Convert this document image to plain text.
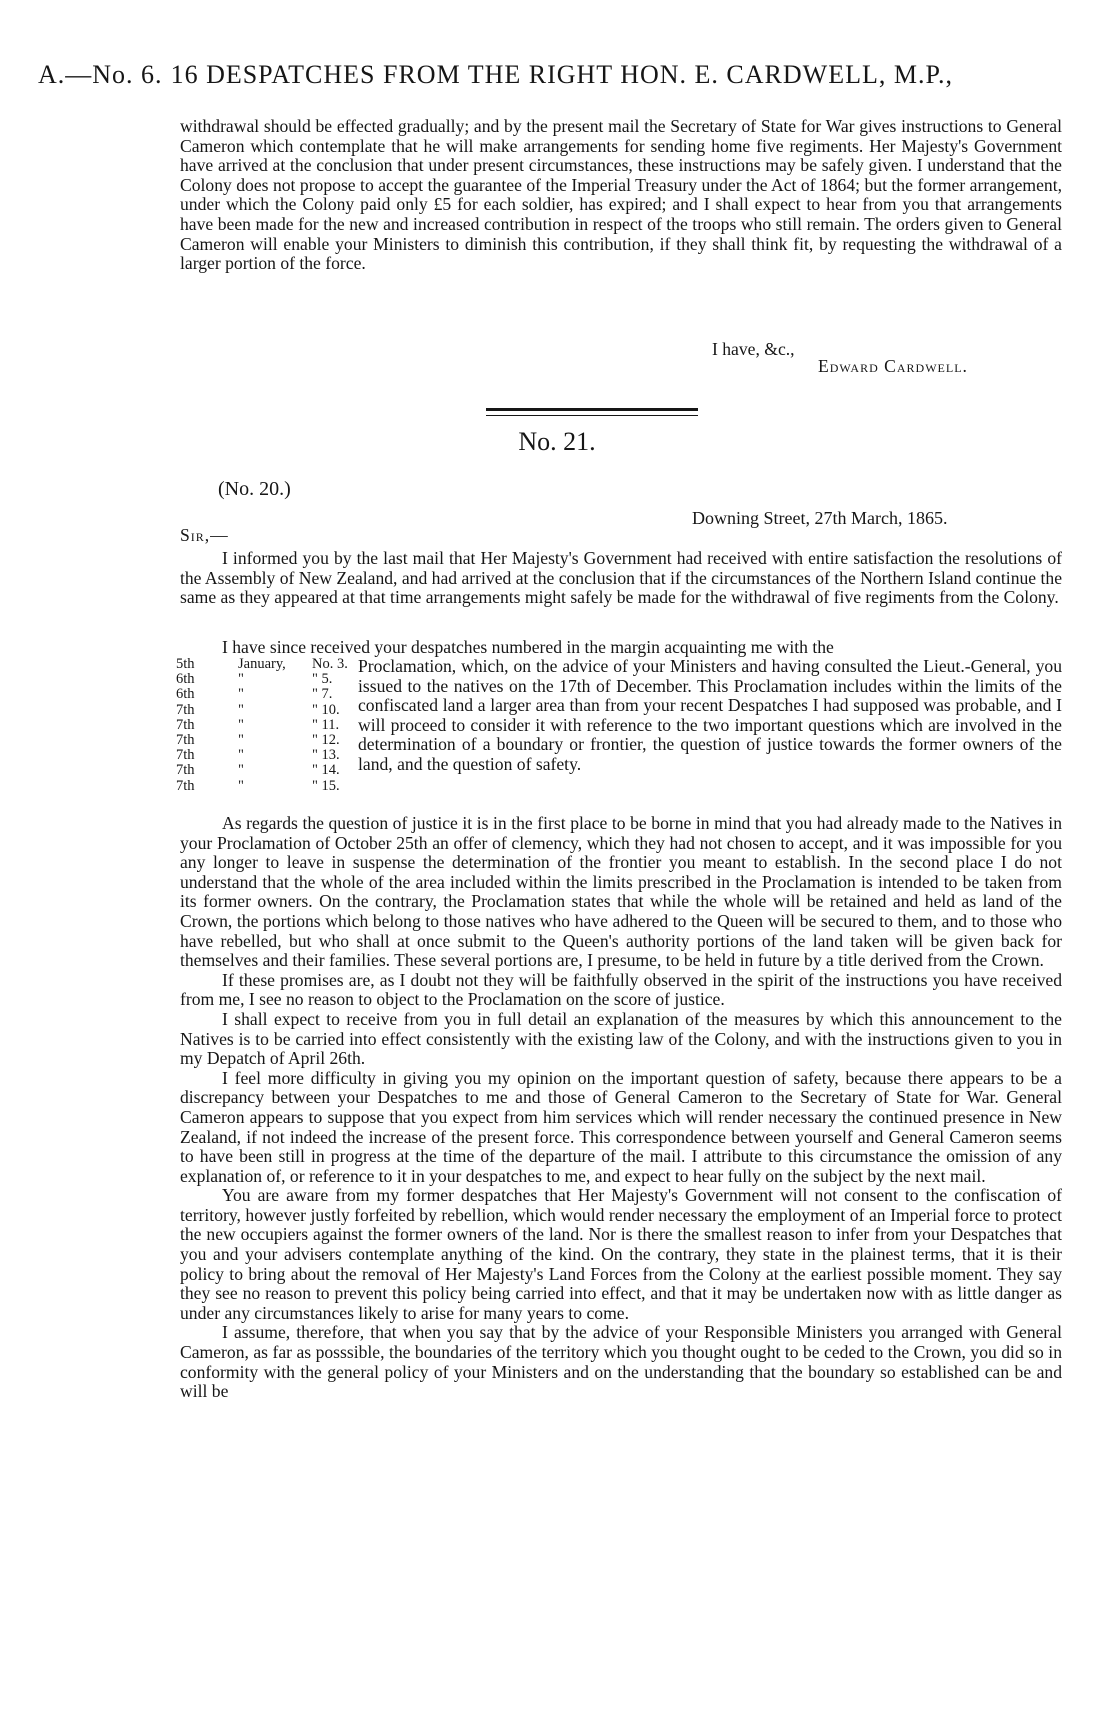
A.—No. 6. 16 DESPATCHES FROM THE RIGHT HON. E. CARDWELL, M.P.,

withdrawal should be effected gradually; and by the present mail the Secretary of State for War gives instructions to General Cameron which contemplate that he will make arrangements for sending home five regiments. Her Majesty's Government have arrived at the conclusion that under present circumstances, these instructions may be safely given. I understand that the Colony does not propose to accept the guarantee of the Imperial Treasury under the Act of 1864; but the former arrangement, under which the Colony paid only £5 for each soldier, has expired; and I shall expect to hear from you that arrangements have been made for the new and increased contribution in respect of the troops who still remain. The orders given to General Cameron will enable your Ministers to diminish this contribution, if they shall think fit, by requesting the withdrawal of a larger portion of the force.

I have, &c.,
Edward Cardwell.
No. 21.
(No. 20.)
Downing Street, 27th March, 1865.
Sir,—

I informed you by the last mail that Her Majesty's Government had received with entire satisfaction the resolutions of the Assembly of New Zealand, and had arrived at the conclusion that if the circumstances of the Northern Island continue the same as they appeared at that time arrangements might safely be made for the withdrawal of five regiments from the Colony.

I have since received your despatches numbered in the margin acquainting me with the

5th	January,	No. 3.
6th	"	" 5.
6th	"	" 7.
7th	"	" 10.
7th	"	" 11.
7th	"	" 12.
7th	"	" 13.
7th	"	" 14.
7th	"	" 15.

Proclamation, which, on the advice of your Ministers and having consulted the Lieut.-General, you issued to the natives on the 17th of December. This Proclamation includes within the limits of the confiscated land a larger area than from your recent Despatches I had supposed was probable, and I will proceed to consider it with reference to the two important questions which are involved in the determination of a boundary or frontier, the question of justice towards the former owners of the land, and the question of safety.

As regards the question of justice it is in the first place to be borne in mind that you had already made to the Natives in your Proclamation of October 25th an offer of clemency, which they had not chosen to accept, and it was impossible for you any longer to leave in suspense the determination of the frontier you meant to establish. In the second place I do not understand that the whole of the area included within the limits prescribed in the Proclamation is intended to be taken from its former owners. On the contrary, the Proclamation states that while the whole will be retained and held as land of the Crown, the portions which belong to those natives who have adhered to the Queen will be secured to them, and to those who have rebelled, but who shall at once submit to the Queen's authority portions of the land taken will be given back for themselves and their families. These several portions are, I presume, to be held in future by a title derived from the Crown.

If these promises are, as I doubt not they will be faithfully observed in the spirit of the instructions you have received from me, I see no reason to object to the Proclamation on the score of justice.

I shall expect to receive from you in full detail an explanation of the measures by which this announcement to the Natives is to be carried into effect consistently with the existing law of the Colony, and with the instructions given to you in my Depatch of April 26th.

I feel more difficulty in giving you my opinion on the important question of safety, because there appears to be a discrepancy between your Despatches to me and those of General Cameron to the Secretary of State for War. General Cameron appears to suppose that you expect from him services which will render necessary the continued presence in New Zealand, if not indeed the increase of the present force. This correspondence between yourself and General Cameron seems to have been still in progress at the time of the departure of the mail. I attribute to this circumstance the omission of any explanation of, or reference to it in your despatches to me, and expect to hear fully on the subject by the next mail.

You are aware from my former despatches that Her Majesty's Government will not consent to the confiscation of territory, however justly forfeited by rebellion, which would render necessary the employment of an Imperial force to protect the new occupiers against the former owners of the land. Nor is there the smallest reason to infer from your Despatches that you and your advisers contemplate anything of the kind. On the contrary, they state in the plainest terms, that it is their policy to bring about the removal of Her Majesty's Land Forces from the Colony at the earliest possible moment. They say they see no reason to prevent this policy being carried into effect, and that it may be undertaken now with as little danger as under any circumstances likely to arise for many years to come.

I assume, therefore, that when you say that by the advice of your Responsible Ministers you arranged with General Cameron, as far as posssible, the boundaries of the territory which you thought ought to be ceded to the Crown, you did so in conformity with the general policy of your Ministers and on the understanding that the boundary so established can be and will be
